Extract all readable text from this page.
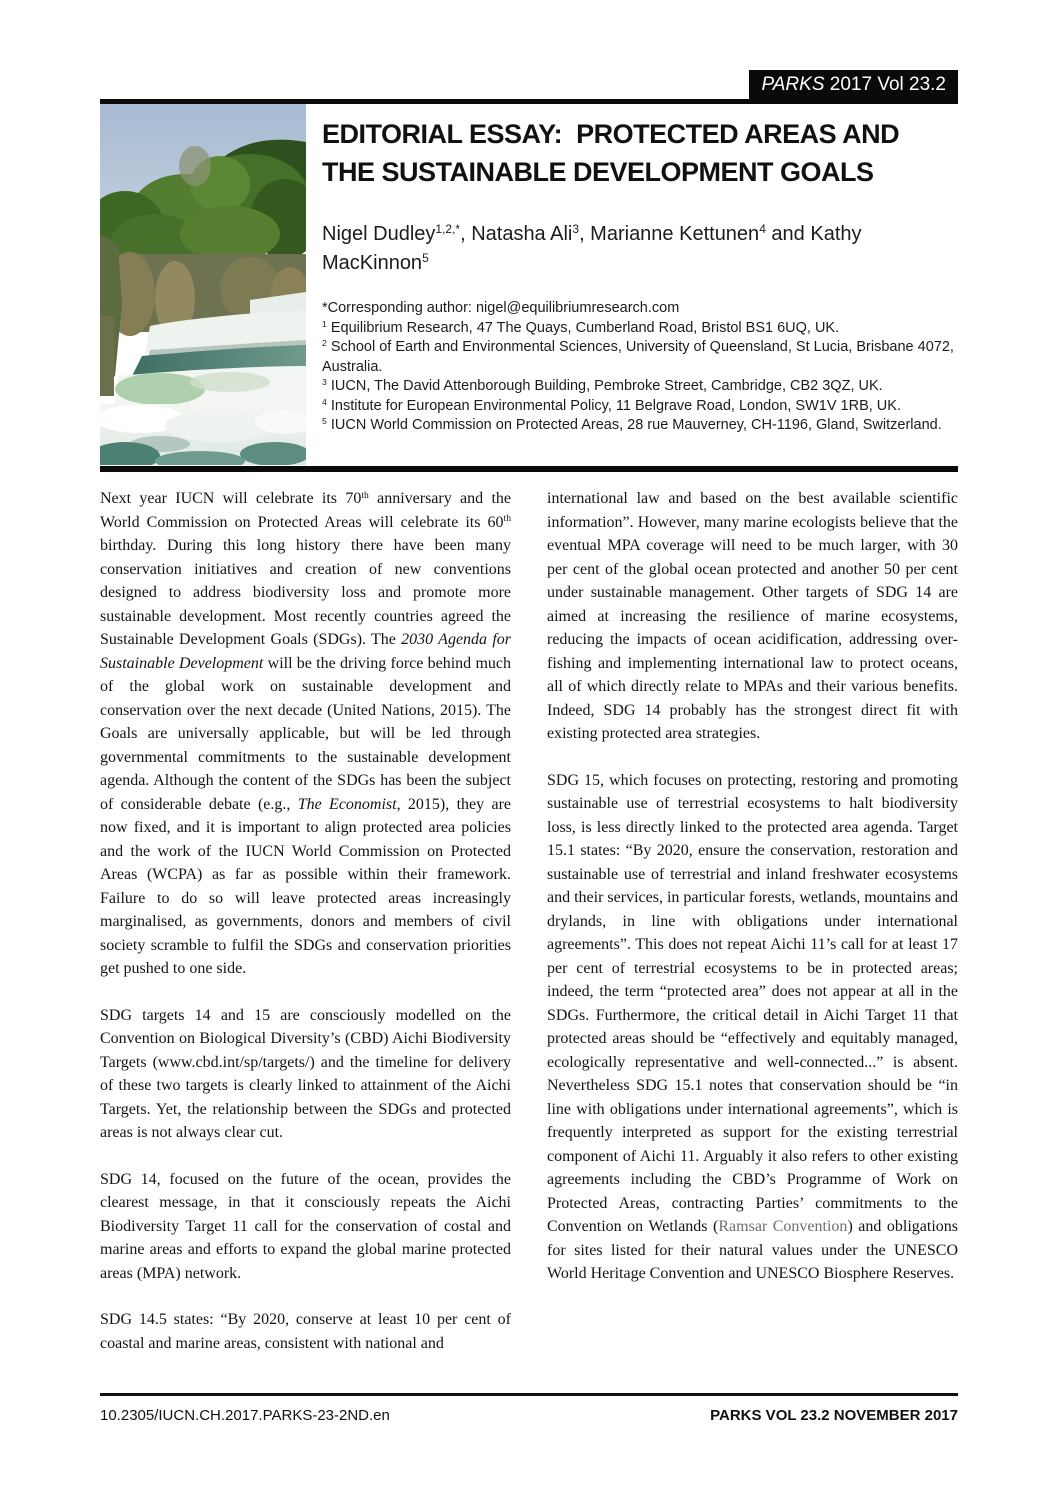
PARKS 2017 Vol 23.2
EDITORIAL ESSAY:  PROTECTED AREAS AND THE SUSTAINABLE DEVELOPMENT GOALS
Nigel Dudley$^{1,2,*}$, Natasha Ali$^3$, Marianne Kettunen$^4$ and Kathy MacKinnon$^5$

*Corresponding author: nigel@equilibriumresearch.com

$^1$ Equilibrium Research, 47 The Quays, Cumberland Road, Bristol BS1 6UQ, UK.

$^2$ School of Earth and Environmental Sciences, University of Queensland, St Lucia, Brisbane 4072, Australia.

$^3$ IUCN, The David Attenborough Building, Pembroke Street, Cambridge, CB2 3QZ, UK.

$^4$ Institute for European Environmental Policy, 11 Belgrave Road, London, SW1V 1RB, UK.

$^5$ IUCN World Commission on Protected Areas, 28 rue Mauverney, CH-1196, Gland, Switzerland.

Next year IUCN will celebrate its 70th anniversary and the World Commission on Protected Areas will celebrate its 60th birthday. During this long history there have been many conservation initiatives and creation of new conventions designed to address biodiversity loss and promote more sustainable development. Most recently countries agreed the Sustainable Development Goals (SDGs). The 2030 Agenda for Sustainable Development will be the driving force behind much of the global work on sustainable development and conservation over the next decade (United Nations, 2015). The Goals are universally applicable, but will be led through governmental commitments to the sustainable development agenda. Although the content of the SDGs has been the subject of considerable debate (e.g., The Economist, 2015), they are now fixed, and it is important to align protected area policies and the work of the IUCN World Commission on Protected Areas (WCPA) as far as possible within their framework. Failure to do so will leave protected areas increasingly marginalised, as governments, donors and members of civil society scramble to fulfil the SDGs and conservation priorities get pushed to one side.

SDG targets 14 and 15 are consciously modelled on the Convention on Biological Diversity’s (CBD) Aichi Biodiversity Targets (www.cbd.int/sp/targets/) and the timeline for delivery of these two targets is clearly linked to attainment of the Aichi Targets. Yet, the relationship between the SDGs and protected areas is not always clear cut.

SDG 14, focused on the future of the ocean, provides the clearest message, in that it consciously repeats the Aichi Biodiversity Target 11 call for the conservation of costal and marine areas and efforts to expand the global marine protected areas (MPA) network.

SDG 14.5 states: “By 2020, conserve at least 10 per cent of coastal and marine areas, consistent with national and

international law and based on the best available scientific information”. However, many marine ecologists believe that the eventual MPA coverage will need to be much larger, with 30 per cent of the global ocean protected and another 50 per cent under sustainable management. Other targets of SDG 14 are aimed at increasing the resilience of marine ecosystems, reducing the impacts of ocean acidification, addressing over-fishing and implementing international law to protect oceans, all of which directly relate to MPAs and their various benefits. Indeed, SDG 14 probably has the strongest direct fit with existing protected area strategies.

SDG 15, which focuses on protecting, restoring and promoting sustainable use of terrestrial ecosystems to halt biodiversity loss, is less directly linked to the protected area agenda. Target 15.1 states: “By 2020, ensure the conservation, restoration and sustainable use of terrestrial and inland freshwater ecosystems and their services, in particular forests, wetlands, mountains and drylands, in line with obligations under international agreements”. This does not repeat Aichi 11’s call for at least 17 per cent of terrestrial ecosystems to be in protected areas; indeed, the term “protected area” does not appear at all in the SDGs. Furthermore, the critical detail in Aichi Target 11 that protected areas should be “effectively and equitably managed, ecologically representative and well-connected...” is absent. Nevertheless SDG 15.1 notes that conservation should be “in line with obligations under international agreements”, which is frequently interpreted as support for the existing terrestrial component of Aichi 11. Arguably it also refers to other existing agreements including the CBD’s Programme of Work on Protected Areas, contracting Parties’ commitments to the Convention on Wetlands (Ramsar Convention) and obligations for sites listed for their natural values under the UNESCO World Heritage Convention and UNESCO Biosphere Reserves.

10.2305/IUCN.CH.2017.PARKS-23-2ND.en	PARKS VOL 23.2 NOVEMBER 2017
